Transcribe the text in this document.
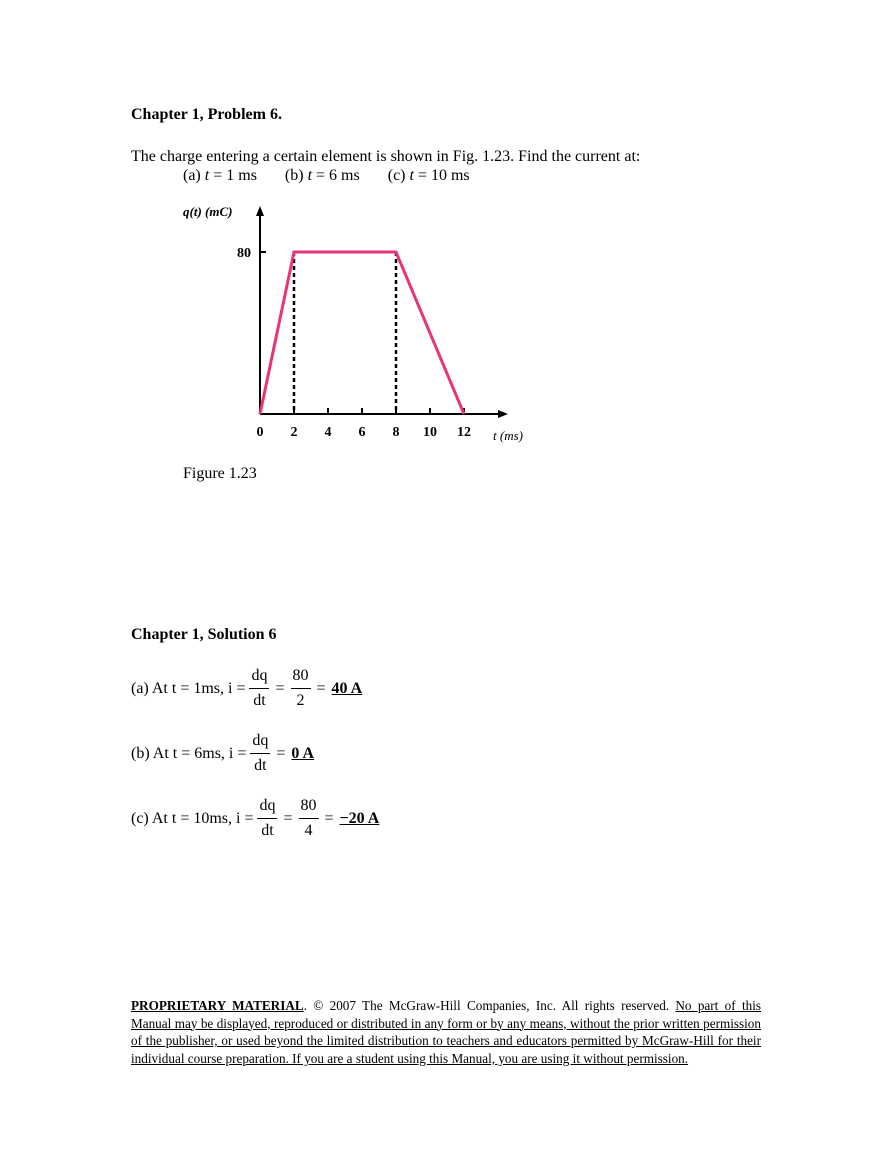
Chapter 1, Problem 6.
The charge entering a certain element is shown in Fig. 1.23. Find the current at:
(a) t = 1 ms (b) t = 6 ms (c) t = 10 ms
0 2 4 6 8 10 12
80
q(t) (mC)
t (ms)
Figure 1.23
Chapter 1, Solution 6
(a) At t = 1ms, $i = \frac{dq}{dt} = \frac{80}{2} = 40$ A
(b) At t = 6ms, $i = \frac{dq}{dt} = 0$ A
(c) At t = 10ms, $i = \frac{dq}{dt} = \frac{80}{4} = -20$ A
PROPRIETARY MATERIAL. © 2007 The McGraw-Hill Companies, Inc. All rights reserved. No part of this Manual may be displayed, reproduced or distributed in any form or by any means, without the prior written permission of the publisher, or used beyond the limited distribution to teachers and educators permitted by McGraw-Hill for their individual course preparation. If you are a student using this Manual, you are using it without permission.
